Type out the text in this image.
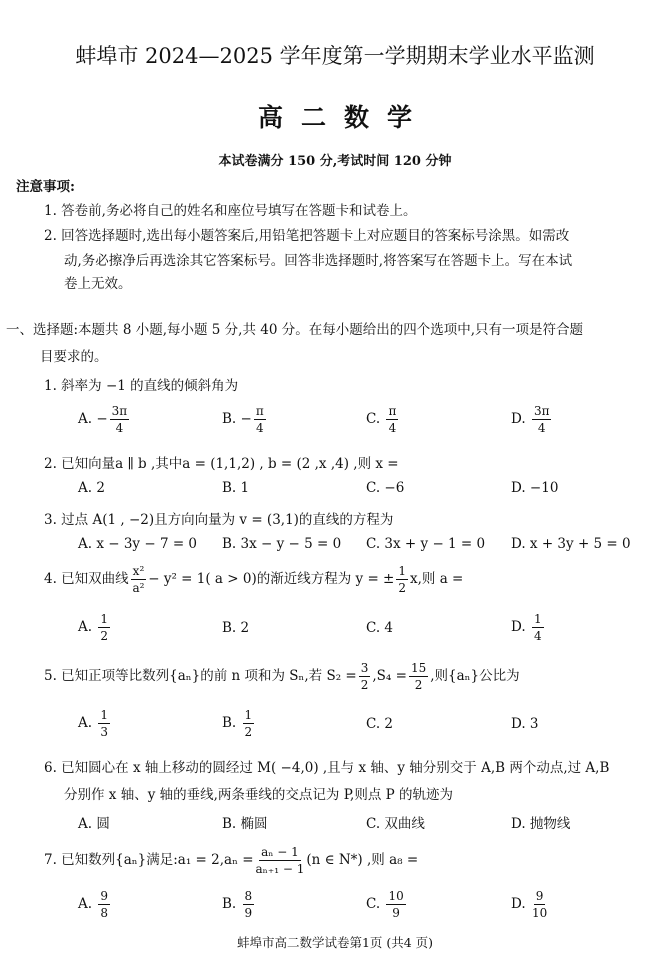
蚌埠市 2024—2025 学年度第一学期期末学业水平监测
高二数学
本试卷满分 150 分,考试时间 120 分钟
注意事项:
1. 答卷前,务必将自己的姓名和座位号填写在答题卡和试卷上。
2. 回答选择题时,选出每小题答案后,用铅笔把答题卡上对应题目的答案标号涂黑。如需改
动,务必擦净后再选涂其它答案标号。回答非选择题时,将答案写在答题卡上。写在本试
卷上无效。
一、选择题:本题共 8 小题,每小题 5 分,共 40 分。在每小题给出的四个选项中,只有一项是符合题
目要求的。
1. 斜率为 −1 的直线的倾斜角为
A. − $\frac{3\pi}{4}$	B. − $\frac{\pi}{4}$	C. $\frac{\pi}{4}$	D. $\frac{3\pi}{4}$
2. 已知向量a ∥ b ,其中a = (1,1,2) , b = (2 ,x ,4) ,则 x =
A. 2	B. 1	C. −6	D. −10
3. 过点 A(1 , −2)且方向向量为 v = (3,1)的直线的方程为
A. x − 3y − 7 = 0 B. 3x − y − 5 = 0 C. 3x + y − 1 = 0 D. x + 3y + 5 = 0
4. 已知双曲线 $\frac{\text{x²}}{\text{a²}} - y^2 = 1$( a > 0)的渐近线方程为 y = ± $\frac{1}{2} x$,则 a =
A. $\frac{1}{2}$	B. 2	C. 4	D. $\frac{1}{4}$
5. 已知正项等比数列{aₙ}的前 n 项和为 Sₙ,若 $S_2 = \frac{3}{2} ,S_4 = \frac{15}{2}$ ,则{aₙ}公比为
A. $\frac{1}{3}$	B. $\frac{1}{2}$	C. 2	D. 3
6. 已知圆心在 x 轴上移动的圆经过 M( −4,0) ,且与 x 轴、y 轴分别交于 A,B 两个动点,过 A,B
分别作 x 轴、y 轴的垂线,两条垂线的交点记为 P,则点 P 的轨迹为
A. 圆	B. 椭圆	C. 双曲线	D. 抛物线
7. 已知数列{aₙ}满足:a₁ = $2,a_n = \frac{\text{aₙ − 1}}{\text{aₙ₊₁ − 1}} (n$ ∈ N*) ,则 a₈ =
A. $\frac{9}{8}$	B. $\frac{8}{9}$	C. $\frac{10}{9}$	D. $\frac{9}{10}$
蚌埠市高二数学试卷第1页 (共4 页)
